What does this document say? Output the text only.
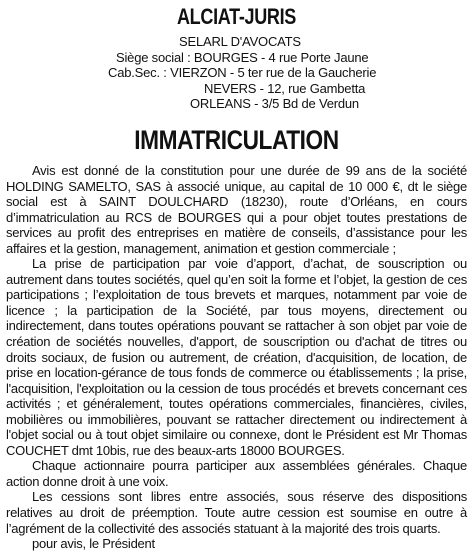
ALCIAT-JURIS
SELARL D'AVOCATS
Siège social : BOURGES - 4 rue Porte Jaune
Cab.Sec. : VIERZON - 5 ter rue de la Gaucherie
NEVERS - 12, rue Gambetta
ORLEANS - 3/5 Bd de Verdun
IMMATRICULATION

Avis est donné de la constitution pour une durée de 99 ans de la société HOLDING SAMELTO, SAS à associé unique, au capital de 10 000 €, dt le siège social est à SAINT DOULCHARD (18230), route d’Orléans, en cours d’immatriculation au RCS de BOURGES qui a pour objet toutes prestations de services au profit des entreprises en matière de conseils, d’assistance pour les affaires et la gestion, management, animation et gestion commerciale ;

La prise de participation par voie d’apport, d’achat, de souscription ou autrement dans toutes sociétés, quel qu’en soit la forme et l’objet, la gestion de ces participations ; l’exploitation de tous brevets et marques, notamment par voie de licence ; la participation de la Société, par tous moyens, directement ou indirectement, dans toutes opérations pouvant se rattacher à son objet par voie de création de sociétés nouvelles, d'apport, de souscription ou d'achat de titres ou droits sociaux, de fusion ou autrement, de création, d'acquisition, de location, de prise en location-gérance de tous fonds de commerce ou établissements ; la prise, l'acquisition, l'exploitation ou la cession de tous procédés et brevets concernant ces activités ; et généralement, toutes opérations commerciales, financières, civiles, mobilières ou immobilières, pouvant se rattacher directement ou indirectement à l'objet social ou à tout objet similaire ou connexe, dont le Président est Mr Thomas COUCHET dmt 10bis, rue des beaux-arts 18000 BOURGES.

Chaque actionnaire pourra participer aux assemblées générales. Chaque action donne droit à une voix.

Les cessions sont libres entre associés, sous réserve des dispositions relatives au droit de préemption. Toute autre cession est soumise en outre à l’agrément de la collectivité des associés statuant à la majorité des trois quarts.

pour avis, le Président
